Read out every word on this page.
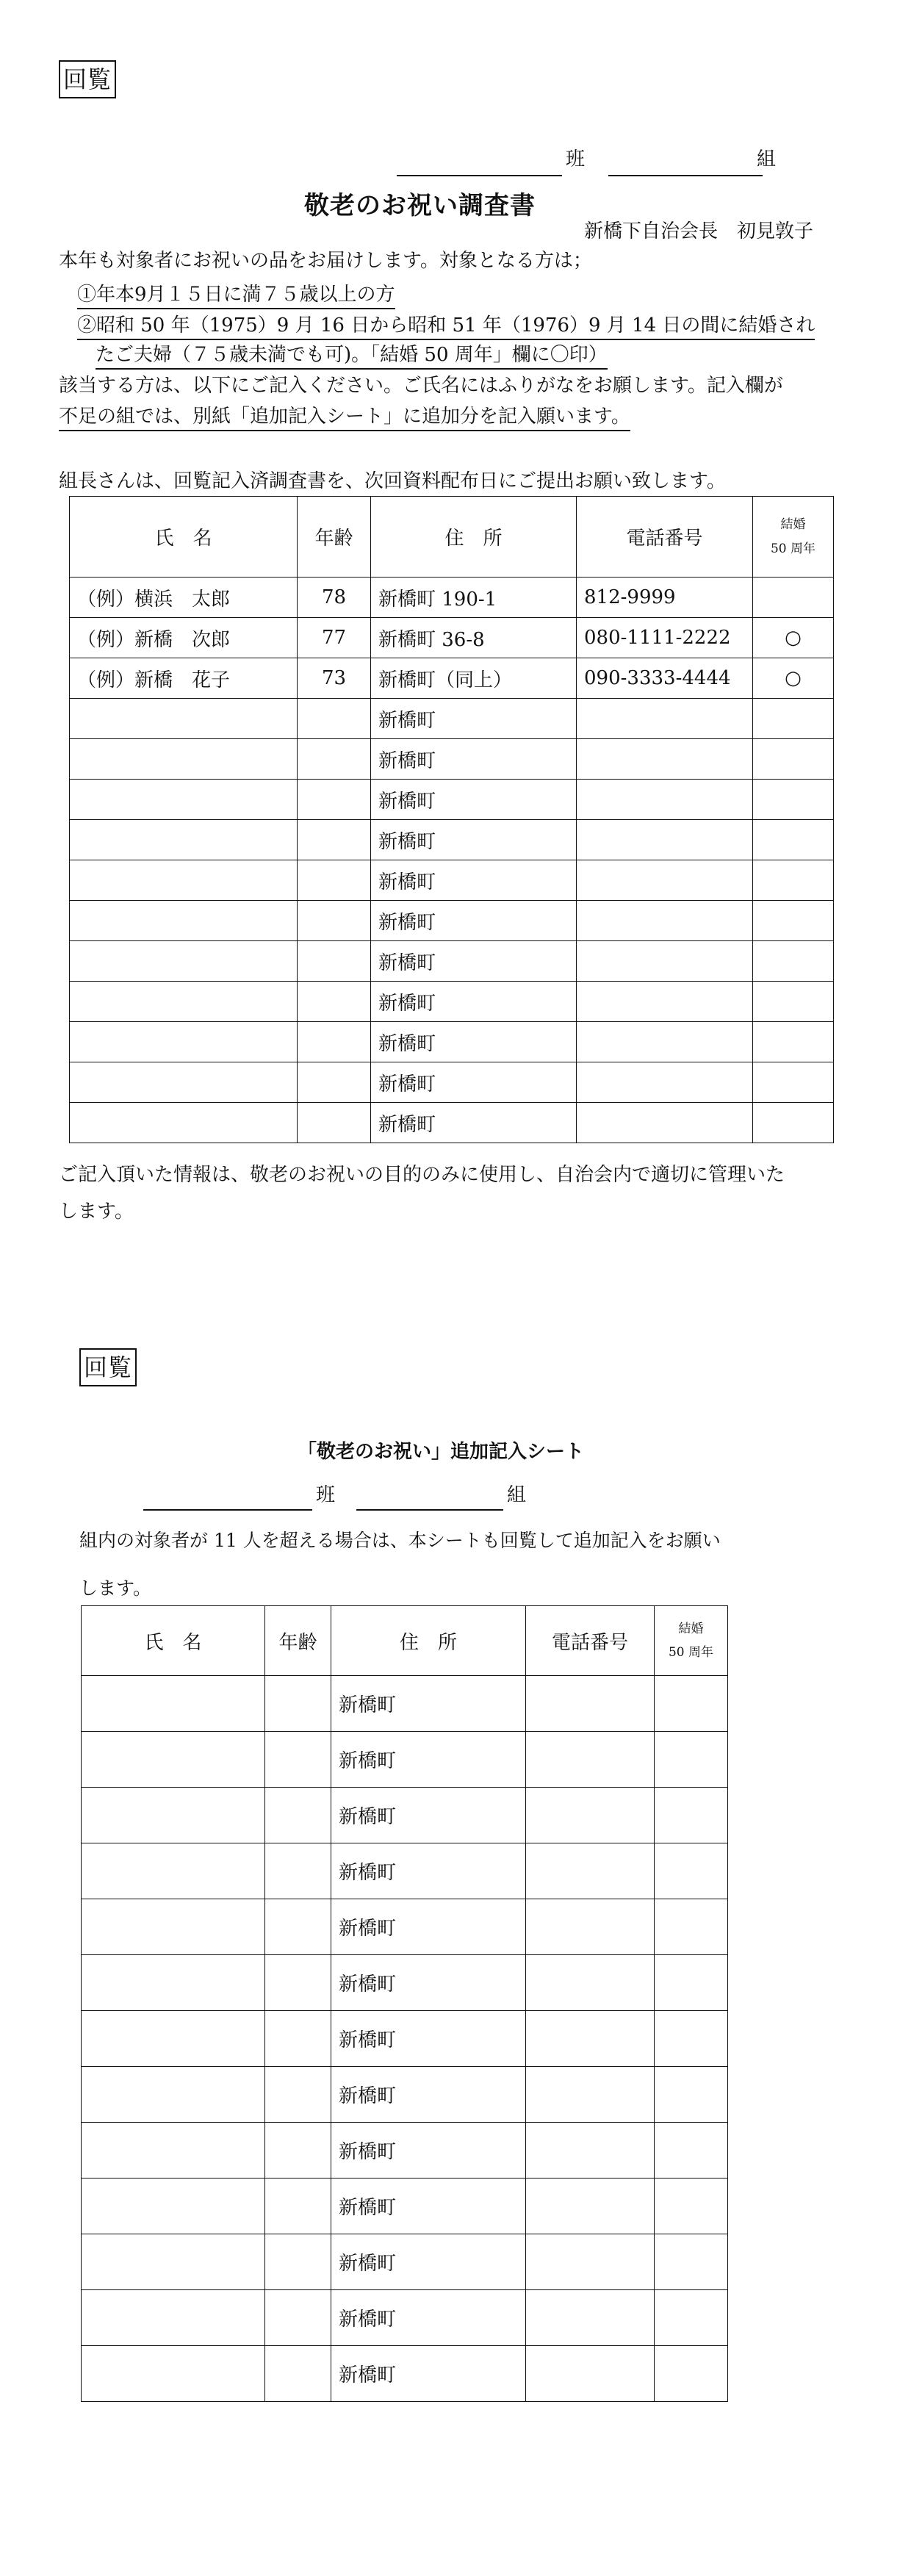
回覧
班	組
敬老のお祝い調査書
新橋下自治会長　初見敦子
本年も対象者にお祝いの品をお届けします。対象となる方は；
①年本9月１５日に満７５歳以上の方
②昭和 50 年（1975）9 月 16 日から昭和 51 年（1976）9 月 14 日の間に結婚され
たご夫婦（７５歳未満でも可)。「結婚 50 周年」欄に〇印）
該当する方は、以下にご記入ください。ご氏名にはふりがなをお願します。記入欄が
不足の組では、別紙「追加記入シート」に追加分を記入願います。
組長さんは、回覧記入済調査書を、次回資料配布日にご提出お願い致します。
氏　名	年齢	住　所	電話番号	結婚
50 周年
（例）横浜　太郎	78	新橋町 190-1	812-9999	
（例）新橋　次郎	77	新橋町 36-8	080-1111-2222	○
（例）新橋　花子	73	新橋町（同上）	090-3333-4444	○
		新橋町		
		新橋町		
		新橋町		
		新橋町		
		新橋町		
		新橋町		
		新橋町		
		新橋町		
		新橋町		
		新橋町		
		新橋町		
ご記入頂いた情報は、敬老のお祝いの目的のみに使用し、自治会内で適切に管理いた
します。
回覧
「敬老のお祝い」追加記入シート
班	組
組内の対象者が 11 人を超える場合は、本シートも回覧して追加記入をお願い
します。
氏　名	年齢	住　所	電話番号	結婚
50 周年
		新橋町		
		新橋町		
		新橋町		
		新橋町		
		新橋町		
		新橋町		
		新橋町		
		新橋町		
		新橋町		
		新橋町		
		新橋町		
		新橋町		
		新橋町		
